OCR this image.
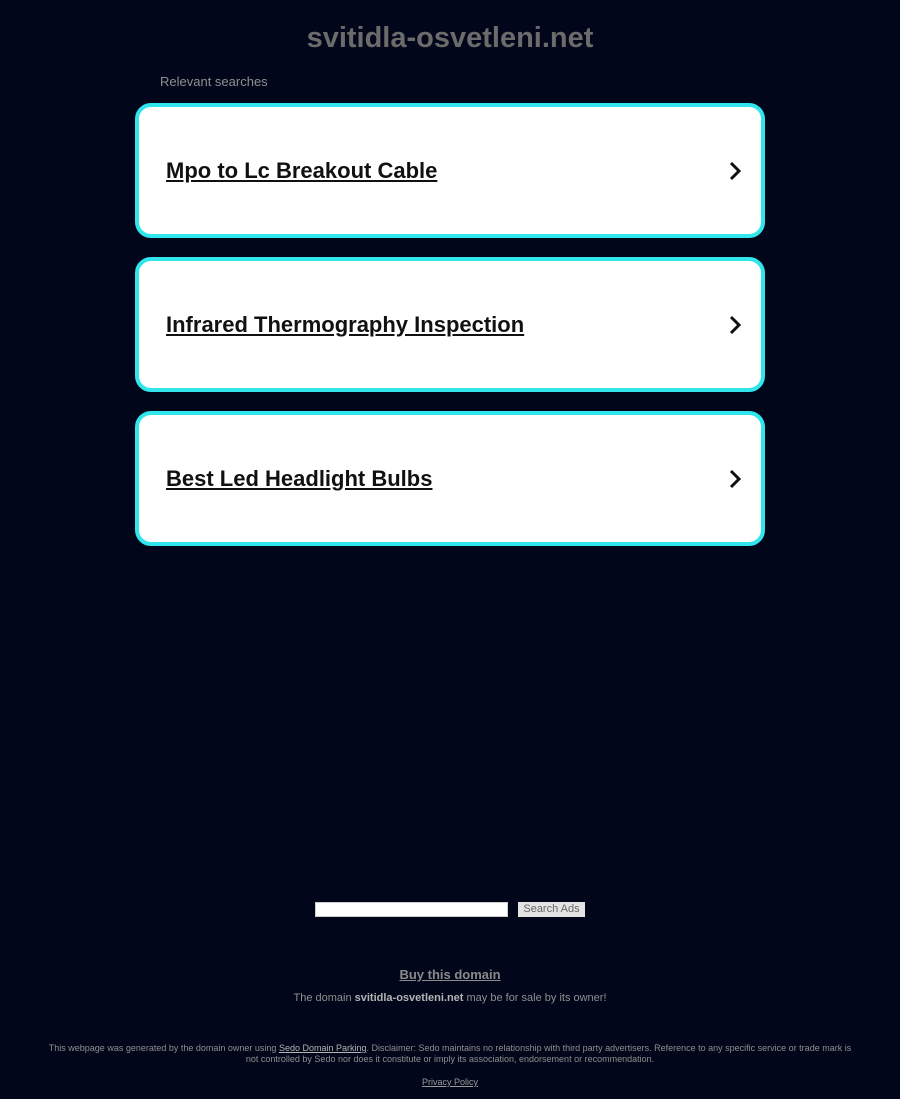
svitidla-osvetleni.net
Relevant searches
Mpo to Lc Breakout Cable
Infrared Thermography Inspection
Best Led Headlight Bulbs
Search Ads
Buy this domain
The domain svitidla-osvetleni.net may be for sale by its owner!
This webpage was generated by the domain owner using Sedo Domain Parking. Disclaimer: Sedo maintains no relationship with third party advertisers. Reference to any specific service or trade mark is not controlled by Sedo nor does it constitute or imply its association, endorsement or recommendation.
Privacy Policy
